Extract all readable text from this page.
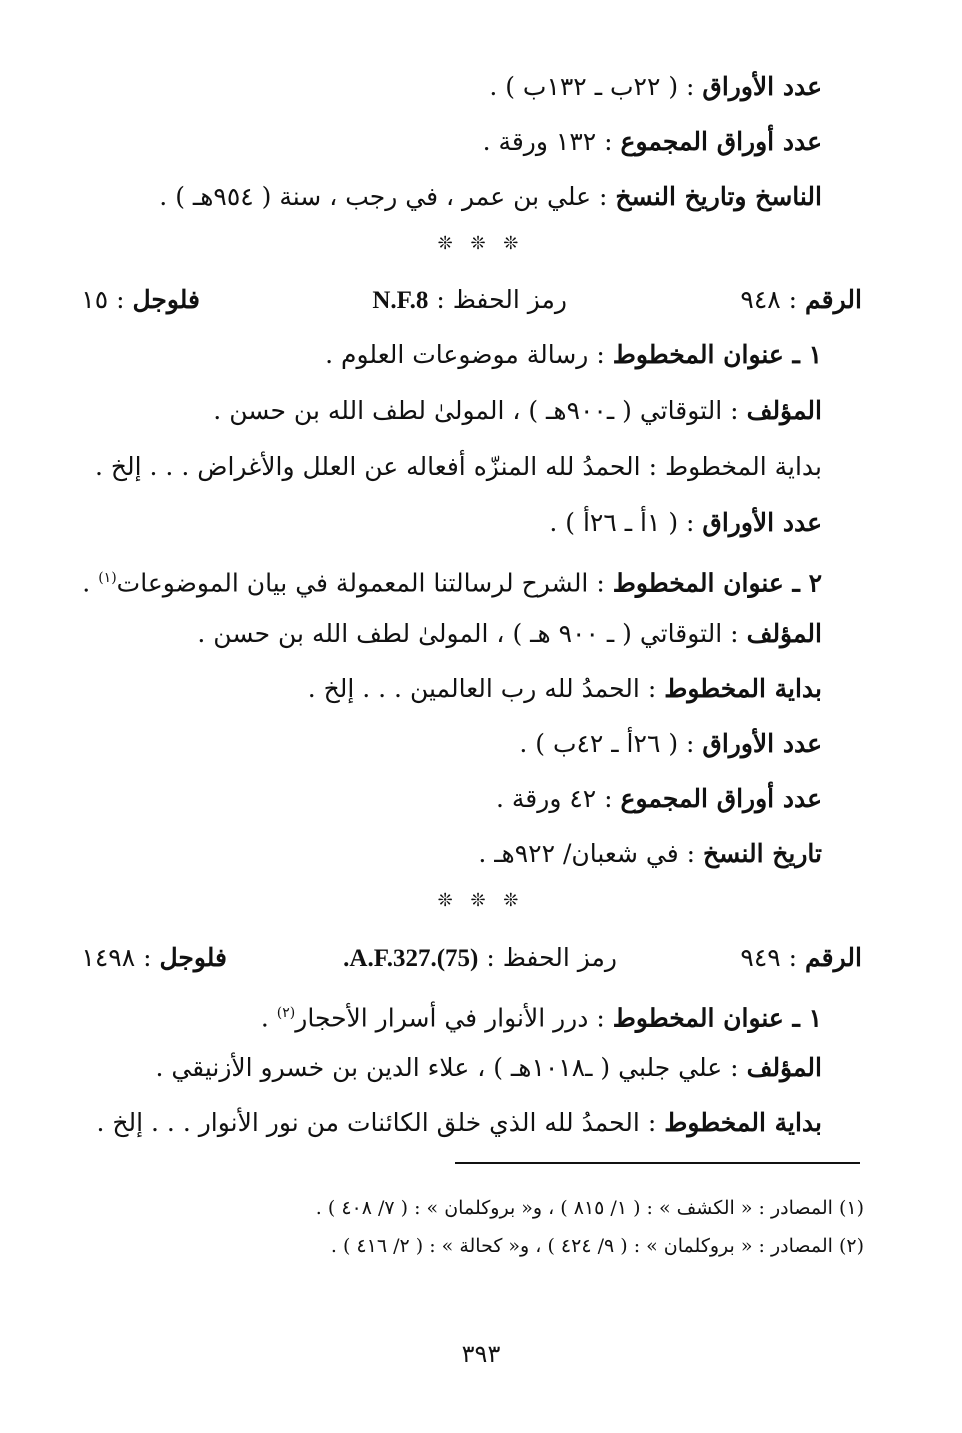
عدد الأوراق : ( ٢٢ب ـ ١٣٢ب ) .
عدد أوراق المجموع : ١٣٢ ورقة .
الناسخ وتاريخ النسخ : علي بن عمر ، في رجب ، سنة ( ٩٥٤هـ ) .
❊ ❊ ❊
الرقم : ٩٤٨
رمز الحفظ : N.F.8
فلوجل : ١٥
١ ـ عنوان المخطوط : رسالة موضوعات العلوم .
المؤلف : التوقاتي ( ـ٩٠٠هـ ) ، المولىٰ لطف الله بن حسن .
بداية المخطوط : الحمدُ لله المنزّه أفعاله عن العلل والأغراض . . . إلخ .
عدد الأوراق : ( ١أ ـ ٢٦أ ) .
٢ ـ عنوان المخطوط : الشرح لرسالتنا المعمولة في بيان الموضوعات$^{(١)}$ .
المؤلف : التوقاتي ( ـ ٩٠٠ هـ ) ، المولىٰ لطف الله بن حسن .
بداية المخطوط : الحمدُ لله رب العالمين . . . إلخ .
عدد الأوراق : ( ٢٦أ ـ ٤٢ب ) .
عدد أوراق المجموع : ٤٢ ورقة .
تاريخ النسخ : في شعبان/ ٩٢٢هـ .
❊ ❊ ❊
الرقم : ٩٤٩
رمز الحفظ : A.F.327.(75).
فلوجل : ١٤٩٨
١ ـ عنوان المخطوط : درر الأنوار في أسرار الأحجار$^{(٢)}$ .
المؤلف : علي جلبي ( ـ١٠١٨هـ ) ، علاء الدين بن خسرو الأزنيقي .
بداية المخطوط : الحمدُ لله الذي خلق الكائنات من نور الأنوار . . . إلخ .
(١) المصادر : « الكشف » : ( ١/ ٨١٥ ) ، و« بروكلمان » : ( ٧/ ٤٠٨ ) .
(٢) المصادر : « بروكلمان » : ( ٩/ ٤٢٤ ) ، و« كحالة » : ( ٢/ ٤١٦ ) .
٣٩٣
